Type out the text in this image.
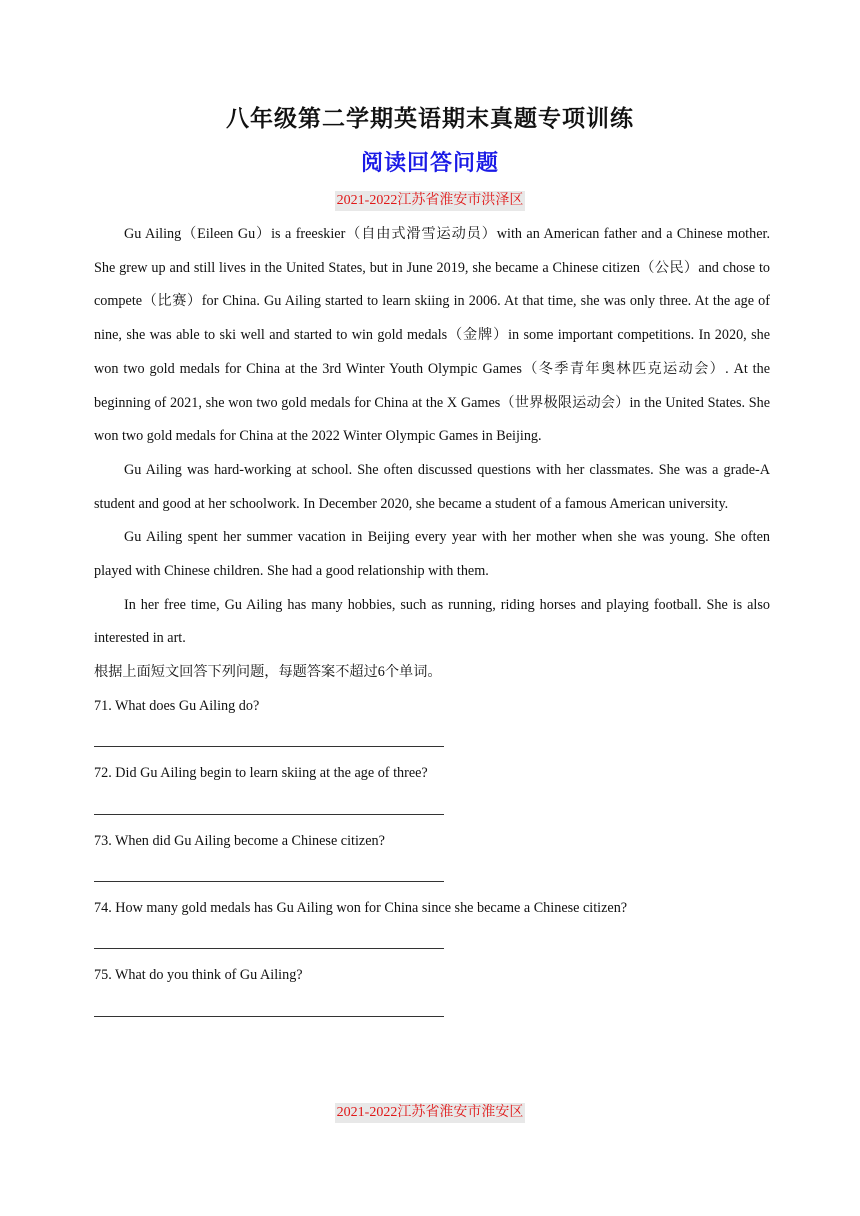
八年级第二学期英语期末真题专项训练
阅读回答问题
2021-2022江苏省淮安市洪泽区

Gu Ailing（Eileen Gu）is a freeskier（自由式滑雪运动员）with an American father and a Chinese mother. She grew up and still lives in the United States, but in June 2019, she became a Chinese citizen（公民）and chose to compete（比赛）for China. Gu Ailing started to learn skiing in 2006. At that time, she was only three. At the age of nine, she was able to ski well and started to win gold medals（金牌）in some important competitions. In 2020, she won two gold medals for China at the 3rd Winter Youth Olympic Games（冬季青年奥林匹克运动会）. At the beginning of 2021, she won two gold medals for China at the X Games（世界极限运动会）in the United States. She won two gold medals for China at the 2022 Winter Olympic Games in Beijing.

Gu Ailing was hard-working at school. She often discussed questions with her classmates. She was a grade-A student and good at her schoolwork. In December 2020, she became a student of a famous American university.

Gu Ailing spent her summer vacation in Beijing every year with her mother when she was young. She often played with Chinese children. She had a good relationship with them.

In her free time, Gu Ailing has many hobbies, such as running, riding horses and playing football. She is also interested in art.

根据上面短文回答下列问题，每题答案不超过6个单词。

71. What does Gu Ailing do?

72. Did Gu Ailing begin to learn skiing at the age of three?

73. When did Gu Ailing become a Chinese citizen?

74. How many gold medals has Gu Ailing won for China since she became a Chinese citizen?

75. What do you think of Gu Ailing?

2021-2022江苏省淮安市淮安区
